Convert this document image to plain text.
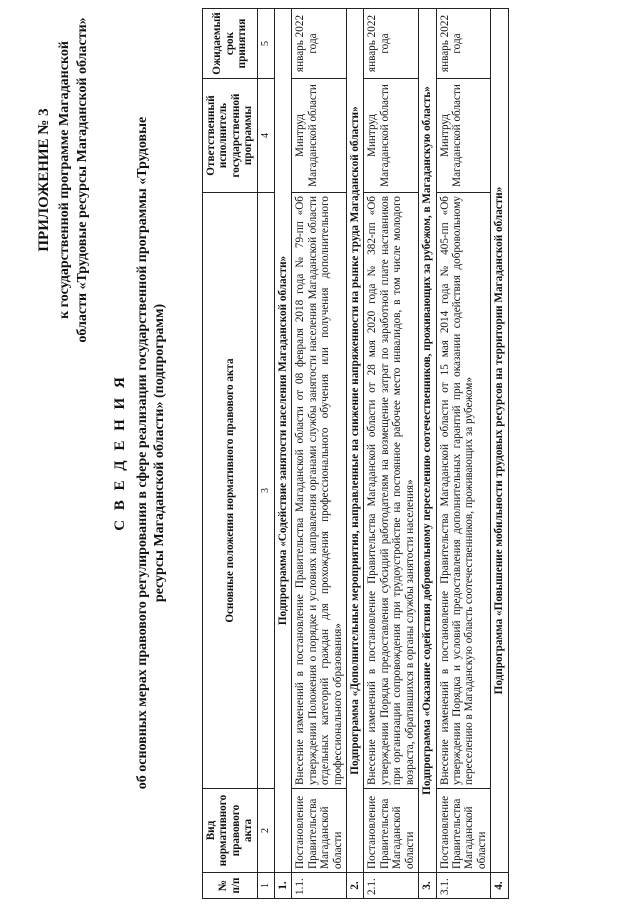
ПРИЛОЖЕНИЕ № 3 к государственной программе Магаданской области «Трудовые ресурсы Магаданской области»
С В Е Д Е Н И Я об основных мерах правового регулирования в сфере реализации государственной программы «Трудовые ресурсы Магаданской области» (подпрограмм)
№ п/п	Вид нормативного правового акта	Основные положения нормативного правового акта	Ответственный исполнитель государственной программы	Ожидаемый срок принятия
1	2	3	4	5
1.	Подпрограмма «Содействие занятости населения Магаданской области»			
1.1.	Постановление Правительства Магаданской области	Внесение изменений в постановление Правительства Магаданской области от 08 февраля 2018 года № 79-пп «Об утверждении Положения о порядке и условиях направления органами службы занятости населения Магаданской области отдельных категорий граждан для прохождения профессионального обучения или получения дополнительного профессионального образования»	Минтруд Магаданской области	январь 2022 года
2.	Подпрограмма «Дополнительные мероприятия, направленные на снижение напряженности на рынке труда Магаданской области»			
2.1.	Постановление Правительства Магаданской области	Внесение изменений в постановление Правительства Магаданской области от 28 мая 2020 года № 382-пп «Об утверждении Порядка предоставления субсидий работодателям на возмещение затрат по заработной плате наставников при организации сопровождения при трудоустройстве на постоянное рабочее место инвалидов, в том числе молодого возраста, обратившихся в органы службы занятости населения»	Минтруд Магаданской области	январь 2022 года
3.	Подпрограмма «Оказание содействия добровольному переселению соотечественников, проживающих за рубежом, в Магаданскую область»			
3.1.	Постановление Правительства Магаданской области	Внесение изменений в постановление Правительства Магаданской области от 15 мая 2014 года № 405-пп «Об утверждении Порядка и условий предоставления дополнительных гарантий при оказании содействия добровольному переселению в Магаданскую область соотечественников, проживающих за рубежом»	Минтруд Магаданской области	январь 2022 года
4.	Подпрограмма «Повышение мобильности трудовых ресурсов на территории Магаданской области»			
